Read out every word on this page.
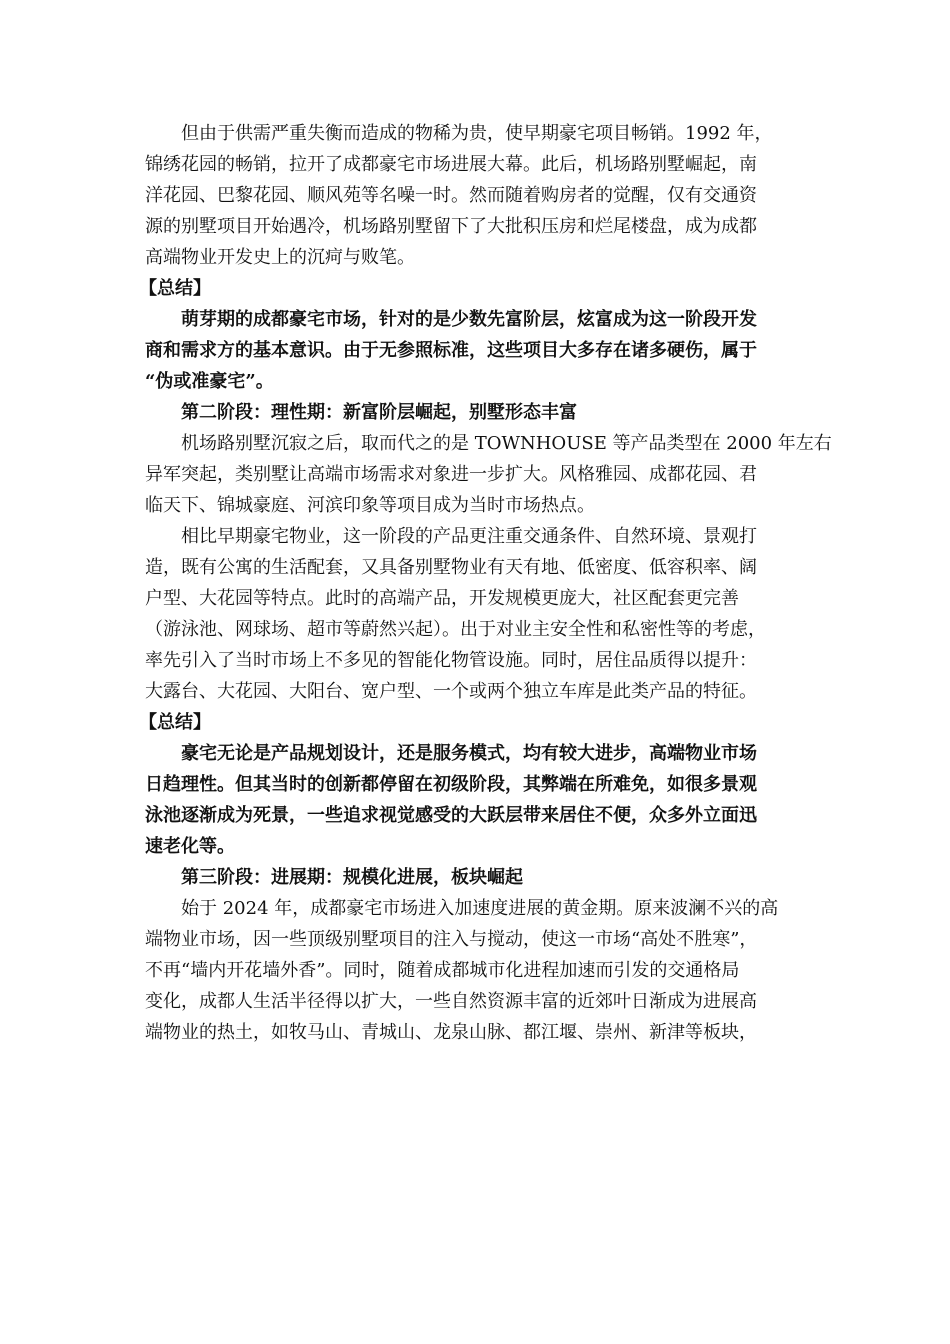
但由于供需严重失衡而造成的物稀为贵，使早期豪宅项目畅销。1992 年，
锦绣花园的畅销，拉开了成都豪宅市场进展大幕。此后，机场路别墅崛起，南
洋花园、巴黎花园、顺风苑等名噪一时。然而随着购房者的觉醒，仅有交通资
源的别墅项目开始遇冷，机场路别墅留下了大批积压房和烂尾楼盘，成为成都
高端物业开发史上的沉疴与败笔。
【总结】
萌芽期的成都豪宅市场，针对的是少数先富阶层，炫富成为这一阶段开发
商和需求方的基本意识。由于无参照标准，这些项目大多存在诸多硬伤，属于
“伪或准豪宅”。
第二阶段：理性期：新富阶层崛起，别墅形态丰富
机场路别墅沉寂之后，取而代之的是 TOWNHOUSE 等产品类型在 2000 年左右
异军突起，类别墅让高端市场需求对象进一步扩大。风格雅园、成都花园、君
临天下、锦城豪庭、河滨印象等项目成为当时市场热点。
相比早期豪宅物业，这一阶段的产品更注重交通条件、自然环境、景观打
造，既有公寓的生活配套，又具备别墅物业有天有地、低密度、低容积率、阔
户型、大花园等特点。此时的高端产品，开发规模更庞大，社区配套更完善
（游泳池、网球场、超市等蔚然兴起）。出于对业主安全性和私密性等的考虑，
率先引入了当时市场上不多见的智能化物管设施。同时，居住品质得以提升：
大露台、大花园、大阳台、宽户型、一个或两个独立车库是此类产品的特征。
【总结】
豪宅无论是产品规划设计，还是服务模式，均有较大进步，高端物业市场
日趋理性。但其当时的创新都停留在初级阶段，其弊端在所难免，如很多景观
泳池逐渐成为死景，一些追求视觉感受的大跃层带来居住不便，众多外立面迅
速老化等。
第三阶段：进展期：规模化进展，板块崛起
始于 2024 年，成都豪宅市场进入加速度进展的黄金期。原来波澜不兴的高
端物业市场，因一些顶级别墅项目的注入与搅动，使这一市场“高处不胜寒”，
不再“墙内开花墙外香”。同时，随着成都城市化进程加速而引发的交通格局
变化，成都人生活半径得以扩大，一些自然资源丰富的近郊叶日渐成为进展高
端物业的热土，如牧马山、青城山、龙泉山脉、都江堰、崇州、新津等板块，
